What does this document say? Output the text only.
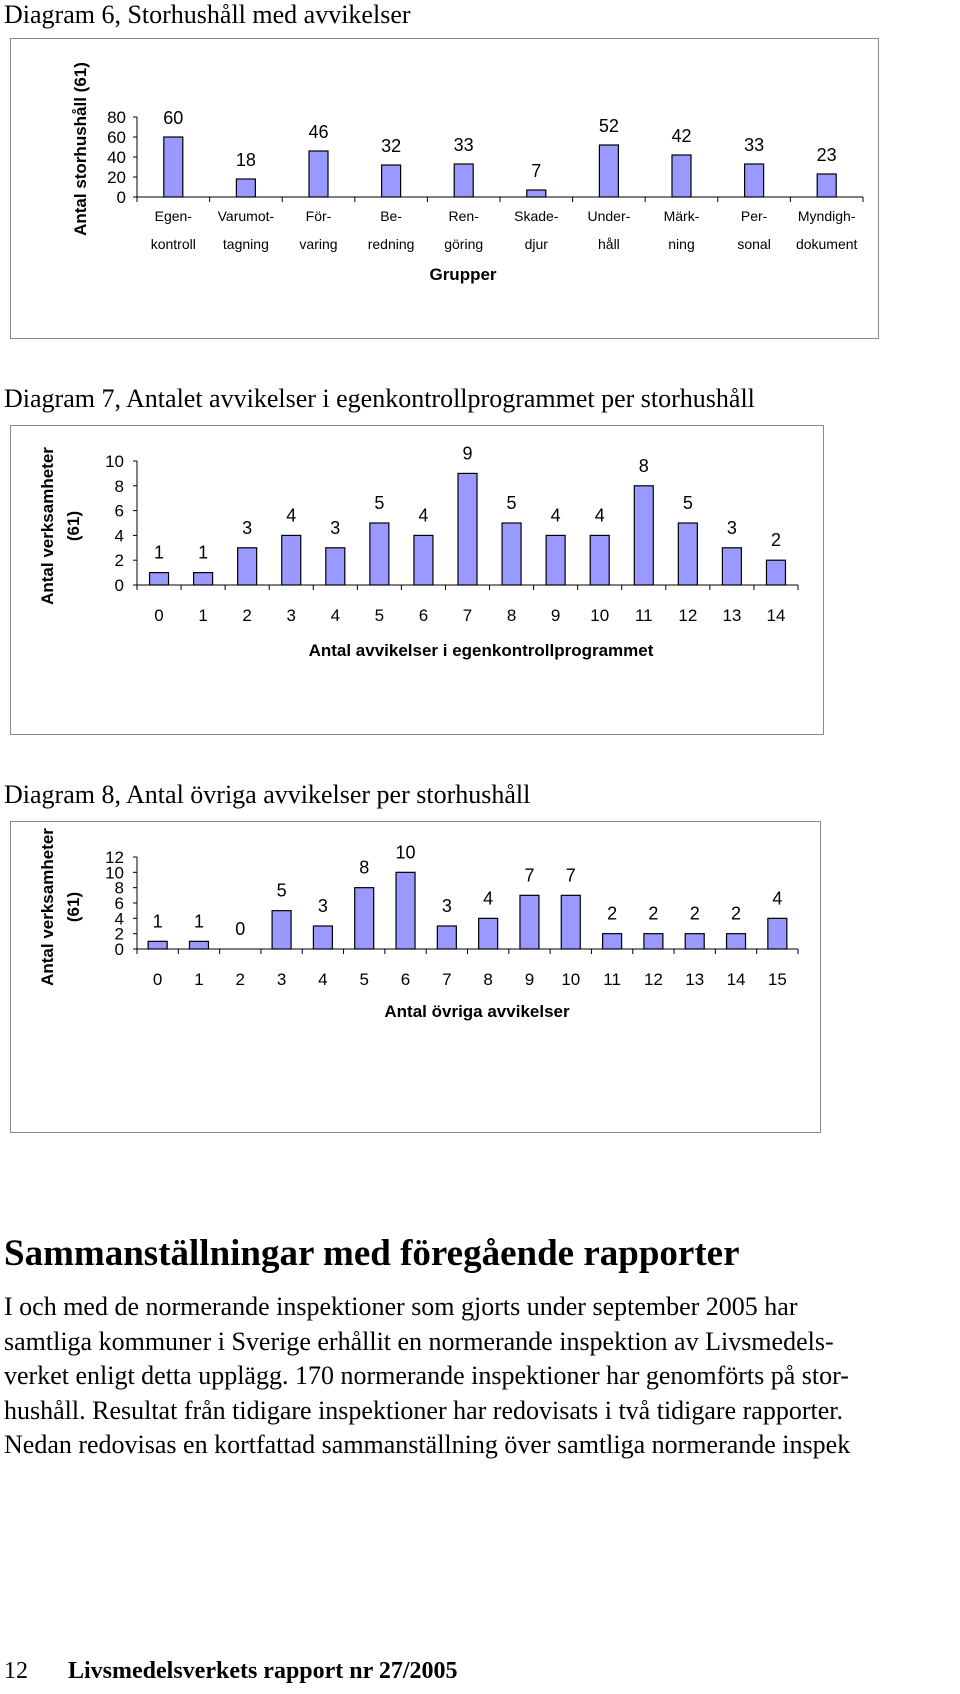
Diagram 6, Storhushåll med avvikelser
80
60
40
20
0
60
18
46
32	33
7
52	42	33	23
Egen-
kontroll
Varumot-
tagning
För-
varing
Be-
redning
Ren-
göring
Skade-
djur
Under-
håll
Märk-
ning
Per-
sonal
Myndigh-
dokument
Grupper
Antal storhushåll (61)
Diagram 7, Antalet avvikelser i egenkontrollprogrammet per storhushåll
10
8
6
4
2
0
1 1
3
4
3
5
4
9
5
4 4
8
5
3
2
0 1 2 3 4 5 6 7 8 9 10 11 12 13 14
Antal avvikelser i egenkontrollprogrammet
Antal verksamheter (61)
Diagram 8, Antal övriga avvikelser per storhushåll
12
10
8
6
4
2
0
1 1 0
5
3
8
10
3 4
7 7
2 2 2 2
4
0 1 2 3 4 5 6 7 8 9 10 11 12 13 14 15
Antal övriga avvikelser
Antal verksamheter (61)
Sammanställningar med föregående rapporter
I och med de normerande inspektioner som gjorts under september 2005 har
samtliga kommuner i Sverige erhållit en normerande inspektion av Livsmedels-
verket enligt detta upplägg. 170 normerande inspektioner har genomförts på stor-
hushåll. Resultat från tidigare inspektioner har redovisats i två tidigare rapporter.
Nedan redovisas en kortfattad sammanställning över samtliga normerande inspek
12 Livsmedelsverkets rapport nr 27/2005
